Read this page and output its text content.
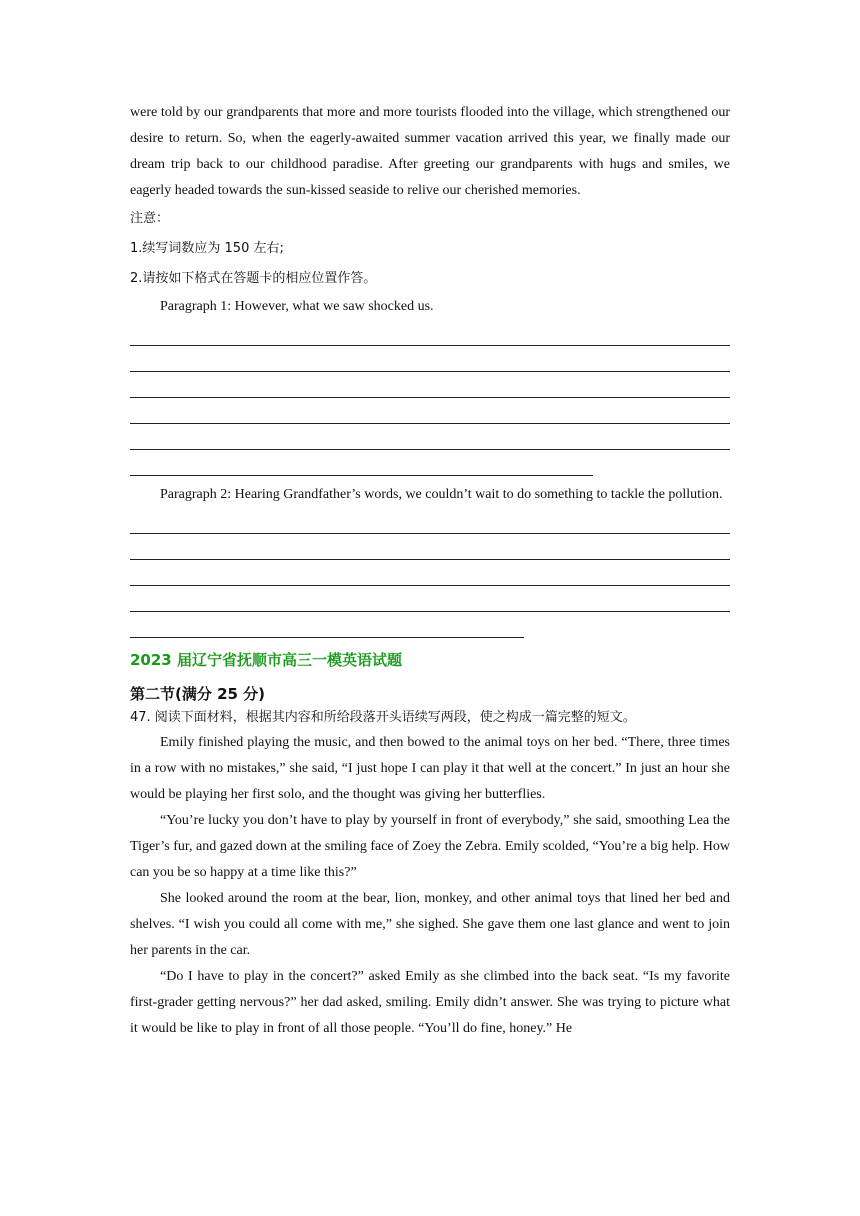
were told by our grandparents that more and more tourists flooded into the village, which strengthened our desire to return. So, when the eagerly-awaited summer vacation arrived this year, we finally made our dream trip back to our childhood paradise. After greeting our grandparents with hugs and smiles, we eagerly headed towards the sun-kissed seaside to relive our cherished memories.

注意：

1.续写词数应为 150 左右;

2.请按如下格式在答题卡的相应位置作答。

Paragraph 1: However, what we saw shocked us.

Paragraph 2: Hearing Grandfather’s words, we couldn’t wait to do something to tackle the pollution.

2023 届辽宁省抚顺市高三一模英语试题

第二节(满分 25 分)

47. 阅读下面材料，根据其内容和所给段落开头语续写两段，使之构成一篇完整的短文。

Emily finished playing the music, and then bowed to the animal toys on her bed. “There, three times in a row with no mistakes,” she said, “I just hope I can play it that well at the concert.” In just an hour she would be playing her first solo, and the thought was giving her butterflies.

“You’re lucky you don’t have to play by yourself in front of everybody,” she said, smoothing Lea the Tiger’s fur, and gazed down at the smiling face of Zoey the Zebra. Emily scolded, “You’re a big help. How can you be so happy at a time like this?”

She looked around the room at the bear, lion, monkey, and other animal toys that lined her bed and shelves. “I wish you could all come with me,” she sighed. She gave them one last glance and went to join her parents in the car.

“Do I have to play in the concert?” asked Emily as she climbed into the back seat. “Is my favorite first-grader getting nervous?” her dad asked, smiling. Emily didn’t answer. She was trying to picture what it would be like to play in front of all those people. “You’ll do fine, honey.” He
